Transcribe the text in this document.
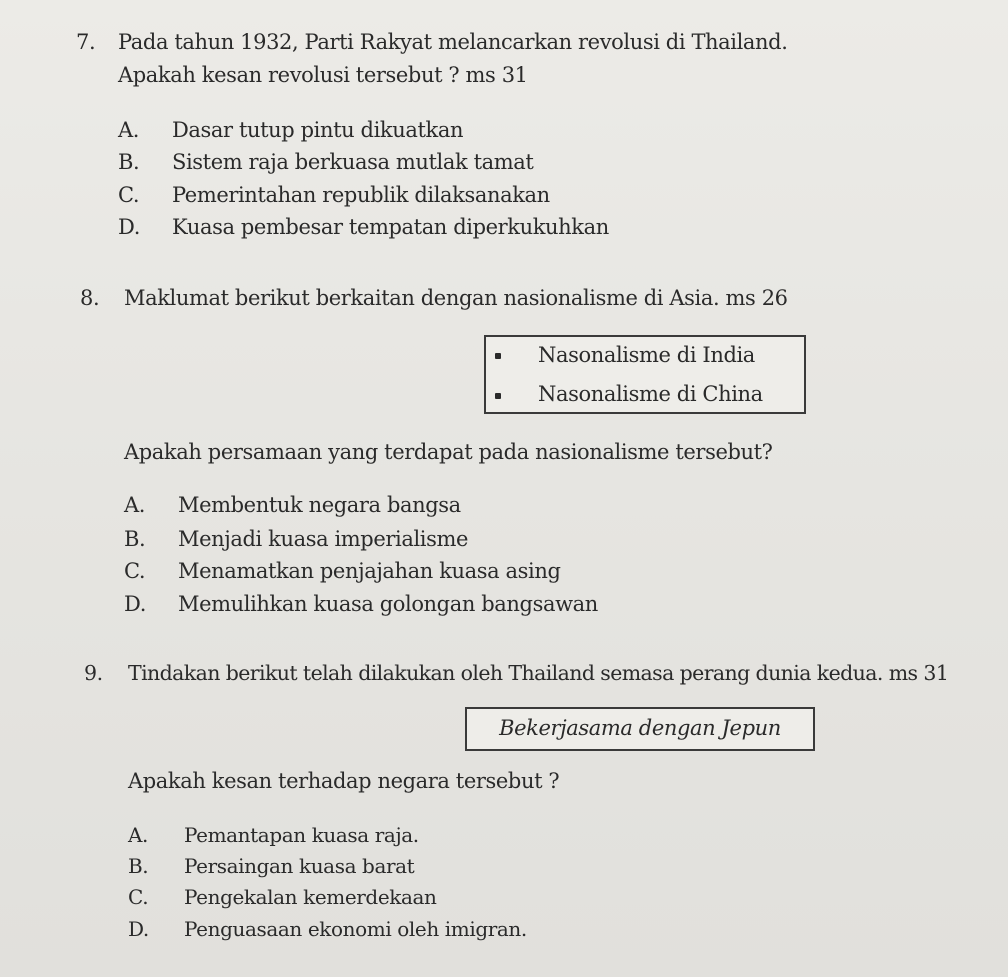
7. Pada tahun 1932, Parti Rakyat melancarkan revolusi di Thailand.
Apakah kesan revolusi tersebut ? ms 31
A. Dasar tutup pintu dikuatkan
B. Sistem raja berkuasa mutlak tamat
C. Pemerintahan republik dilaksanakan
D. Kuasa pembesar tempatan diperkukuhkan
8. Maklumat berikut berkaitan dengan nasionalisme di Asia. ms 26
Nasonalisme di India
Nasonalisme di China
Apakah persamaan yang terdapat pada nasionalisme tersebut?
A. Membentuk negara bangsa
B. Menjadi kuasa imperialisme
C. Menamatkan penjajahan kuasa asing
D. Memulihkan kuasa golongan bangsawan
9. Tindakan berikut telah dilakukan oleh Thailand semasa perang dunia kedua. ms 31
Bekerjasama dengan Jepun
Apakah kesan terhadap negara tersebut ?
A. Pemantapan kuasa raja.
B. Persaingan kuasa barat
C. Pengekalan kemerdekaan
D. Penguasaan ekonomi oleh imigran.
